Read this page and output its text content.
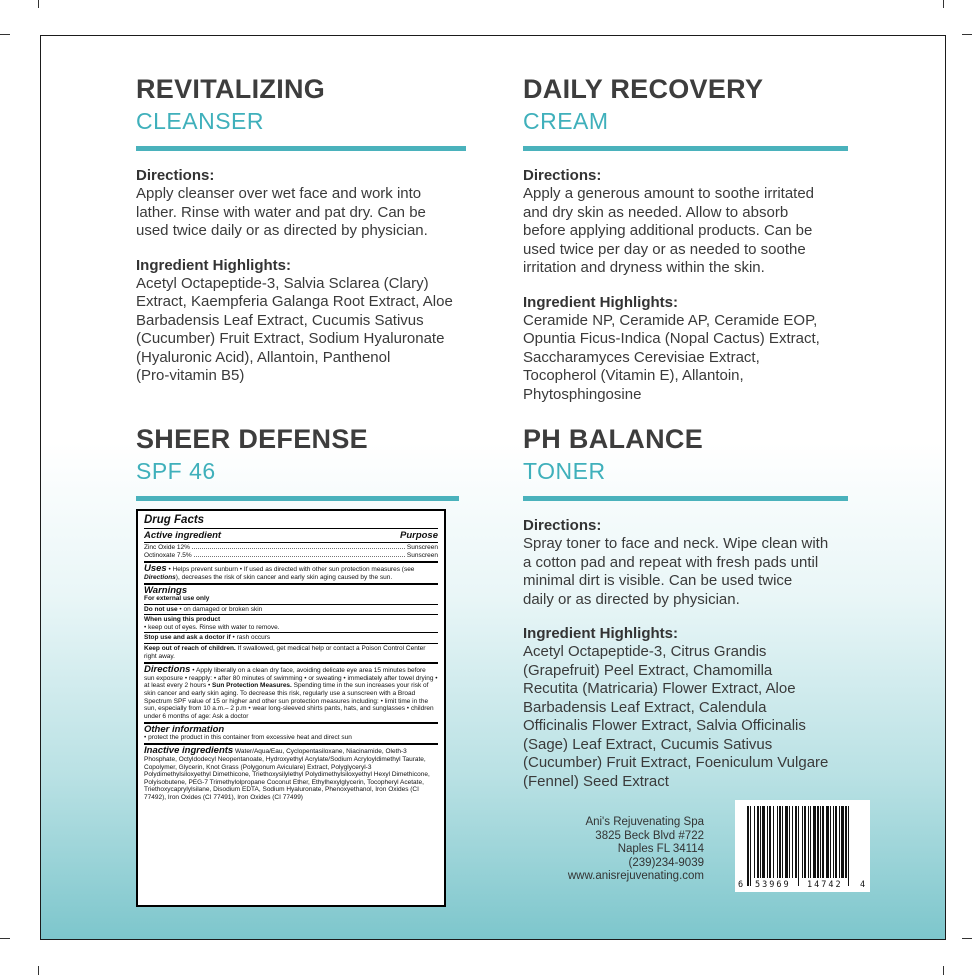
REVITALIZING
CLEANSER
Directions:
Apply cleanser over wet face and work into
lather. Rinse with water and pat dry. Can be
used twice daily or as directed by physician.
Ingredient Highlights:
Acetyl Octapeptide-3, Salvia Sclarea (Clary)
Extract, Kaempferia Galanga Root Extract, Aloe
Barbadensis Leaf Extract, Cucumis Sativus
(Cucumber) Fruit Extract, Sodium Hyaluronate
(Hyaluronic Acid), Allantoin, Panthenol
(Pro-vitamin B5)
DAILY RECOVERY
CREAM
Directions:
Apply a generous amount to soothe irritated
and dry skin as needed. Allow to absorb
before applying additional products. Can be
used twice per day or as needed to soothe
irritation and dryness within the skin.
Ingredient Highlights:
Ceramide NP, Ceramide AP, Ceramide EOP,
Opuntia Ficus-Indica (Nopal Cactus) Extract,
Saccharamyces Cerevisiae Extract,
Tocopherol (Vitamin E), Allantoin,
Phytosphingosine
SHEER DEFENSE
SPF 46
PH BALANCE
TONER
Directions:
Spray toner to face and neck. Wipe clean with
a cotton pad and repeat with fresh pads until
minimal dirt is visible. Can be used twice
daily or as directed by physician.
Ingredient Highlights:
Acetyl Octapeptide-3, Citrus Grandis
(Grapefruit) Peel Extract, Chamomilla
Recutita (Matricaria) Flower Extract, Aloe
Barbadensis Leaf Extract, Calendula
Officinalis Flower Extract, Salvia Officinalis
(Sage) Leaf Extract, Cucumis Sativus
(Cucumber) Fruit Extract, Foeniculum Vulgare
(Fennel) Seed Extract
Drug Facts
Active ingredient	Purpose
Zinc Oxide 12%	Sunscreen
Octinoxate 7.5%	Sunscreen
Uses • Helps prevent sunburn • If used as directed with other sun protection measures (see Directions), decreases the risk of skin cancer and early skin aging caused by the sun.
Warnings
For external use only
Do not use • on damaged or broken skin
When using this product
• keep out of eyes. Rinse with water to remove.
Stop use and ask a doctor if • rash occurs
Keep out of reach of children. If swallowed, get medical help or contact a Poison Control Center right away.
Directions • Apply liberally on a clean dry face, avoiding delicate eye area 15 minutes before sun exposure • reapply: • after 80 minutes of swimming • or sweating • immediately after towel drying • at least every 2 hours • Sun Protection Measures. Spending time in the sun increases your risk of skin cancer and early skin aging. To decrease this risk, regularly use a sunscreen with a Broad Spectrum SPF value of 15 or higher and other sun protection measures including: • limit time in the sun, especially from 10 a.m.– 2 p.m • wear long-sleeved shirts pants, hats, and sunglasses • children under 6 months of age: Ask a doctor
Other information
• protect the product in this container from excessive heat and direct sun
Inactive ingredients Water/Aqua/Eau, Cyclopentasiloxane, Niacinamide, Oleth-3 Phosphate, Octyldodecyl Neopentanoate, Hydroxyethyl Acrylate/Sodium Acryloyldimethyl Taurate, Copolymer, Glycerin, Knot Grass (Polygonum Aviculare) Extract, Polyglyceryl-3 Polydimethylsiloxyethyl Dimethicone, Triethoxysilylethyl Polydimethylsiloxyethyl Hexyl Dimethicone, Polyisobutene, PEG-7 Trimethylolpropane Coconut Ether, Ethylhexylglycerin, Tocopheryl Acetate, Triethoxycaprylylsilane, Disodium EDTA, Sodium Hyaluronate, Phenoxyethanol, Iron Oxides (CI 77492), Iron Oxides (CI 77491), Iron Oxides (CI 77499)
Ani's Rejuvenating Spa
3825 Beck Blvd #722
Naples FL 34114
(239)234-9039
www.anisrejuvenating.com
6 53969 14742 4
